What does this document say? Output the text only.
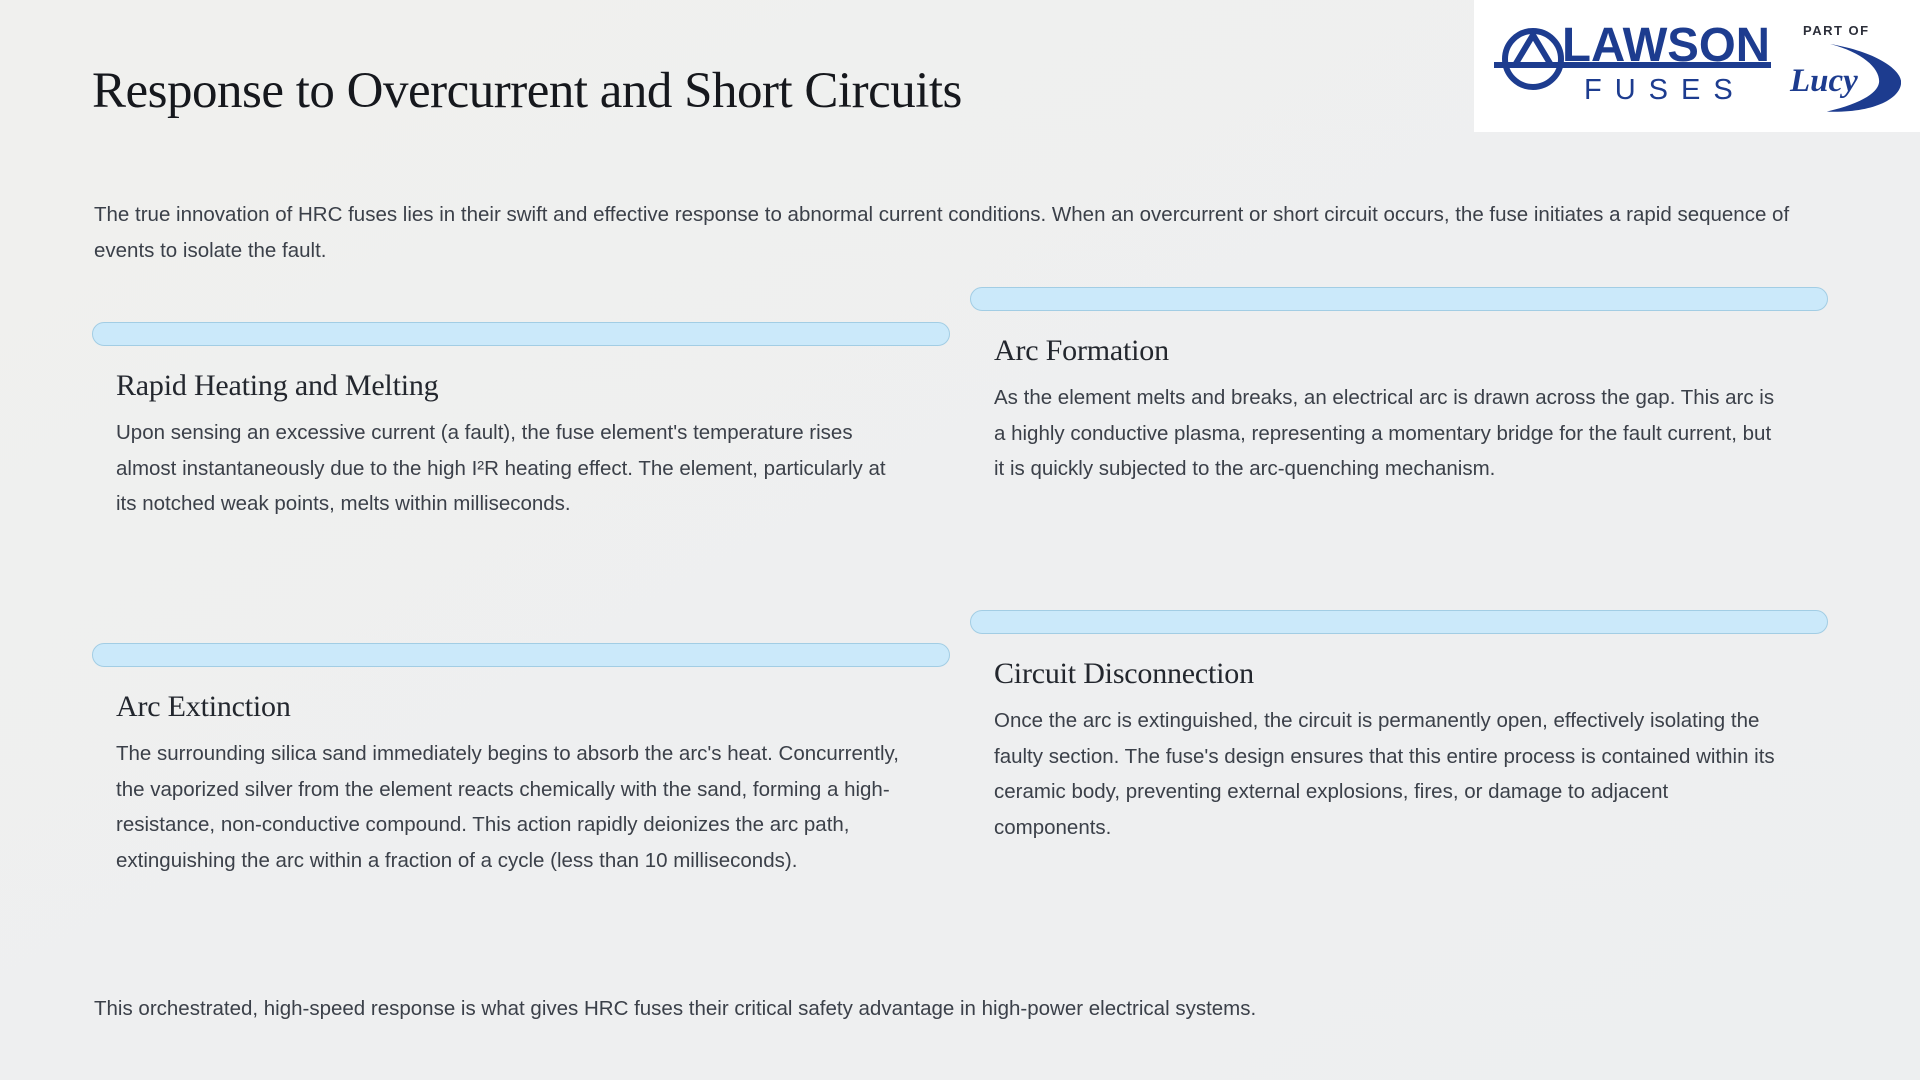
Response to Overcurrent and Short Circuits
LAWSON
FUSES
PART OF
Lucy

The true innovation of HRC fuses lies in their swift and effective response to abnormal current conditions. When an overcurrent or short circuit occurs, the fuse initiates a rapid sequence of events to isolate the fault.

Rapid Heating and Melting

Upon sensing an excessive current (a fault), the fuse element's temperature rises almost instantaneously due to the high I²R heating effect. The element, particularly at its notched weak points, melts within milliseconds.

Arc Formation

As the element melts and breaks, an electrical arc is drawn across the gap. This arc is a highly conductive plasma, representing a momentary bridge for the fault current, but it is quickly subjected to the arc-quenching mechanism.

Arc Extinction

The surrounding silica sand immediately begins to absorb the arc's heat. Concurrently, the vaporized silver from the element reacts chemically with the sand, forming a high-resistance, non-conductive compound. This action rapidly deionizes the arc path, extinguishing the arc within a fraction of a cycle (less than 10 milliseconds).

Circuit Disconnection

Once the arc is extinguished, the circuit is permanently open, effectively isolating the faulty section. The fuse's design ensures that this entire process is contained within its ceramic body, preventing external explosions, fires, or damage to adjacent components.

This orchestrated, high-speed response is what gives HRC fuses their critical safety advantage in high-power electrical systems.
